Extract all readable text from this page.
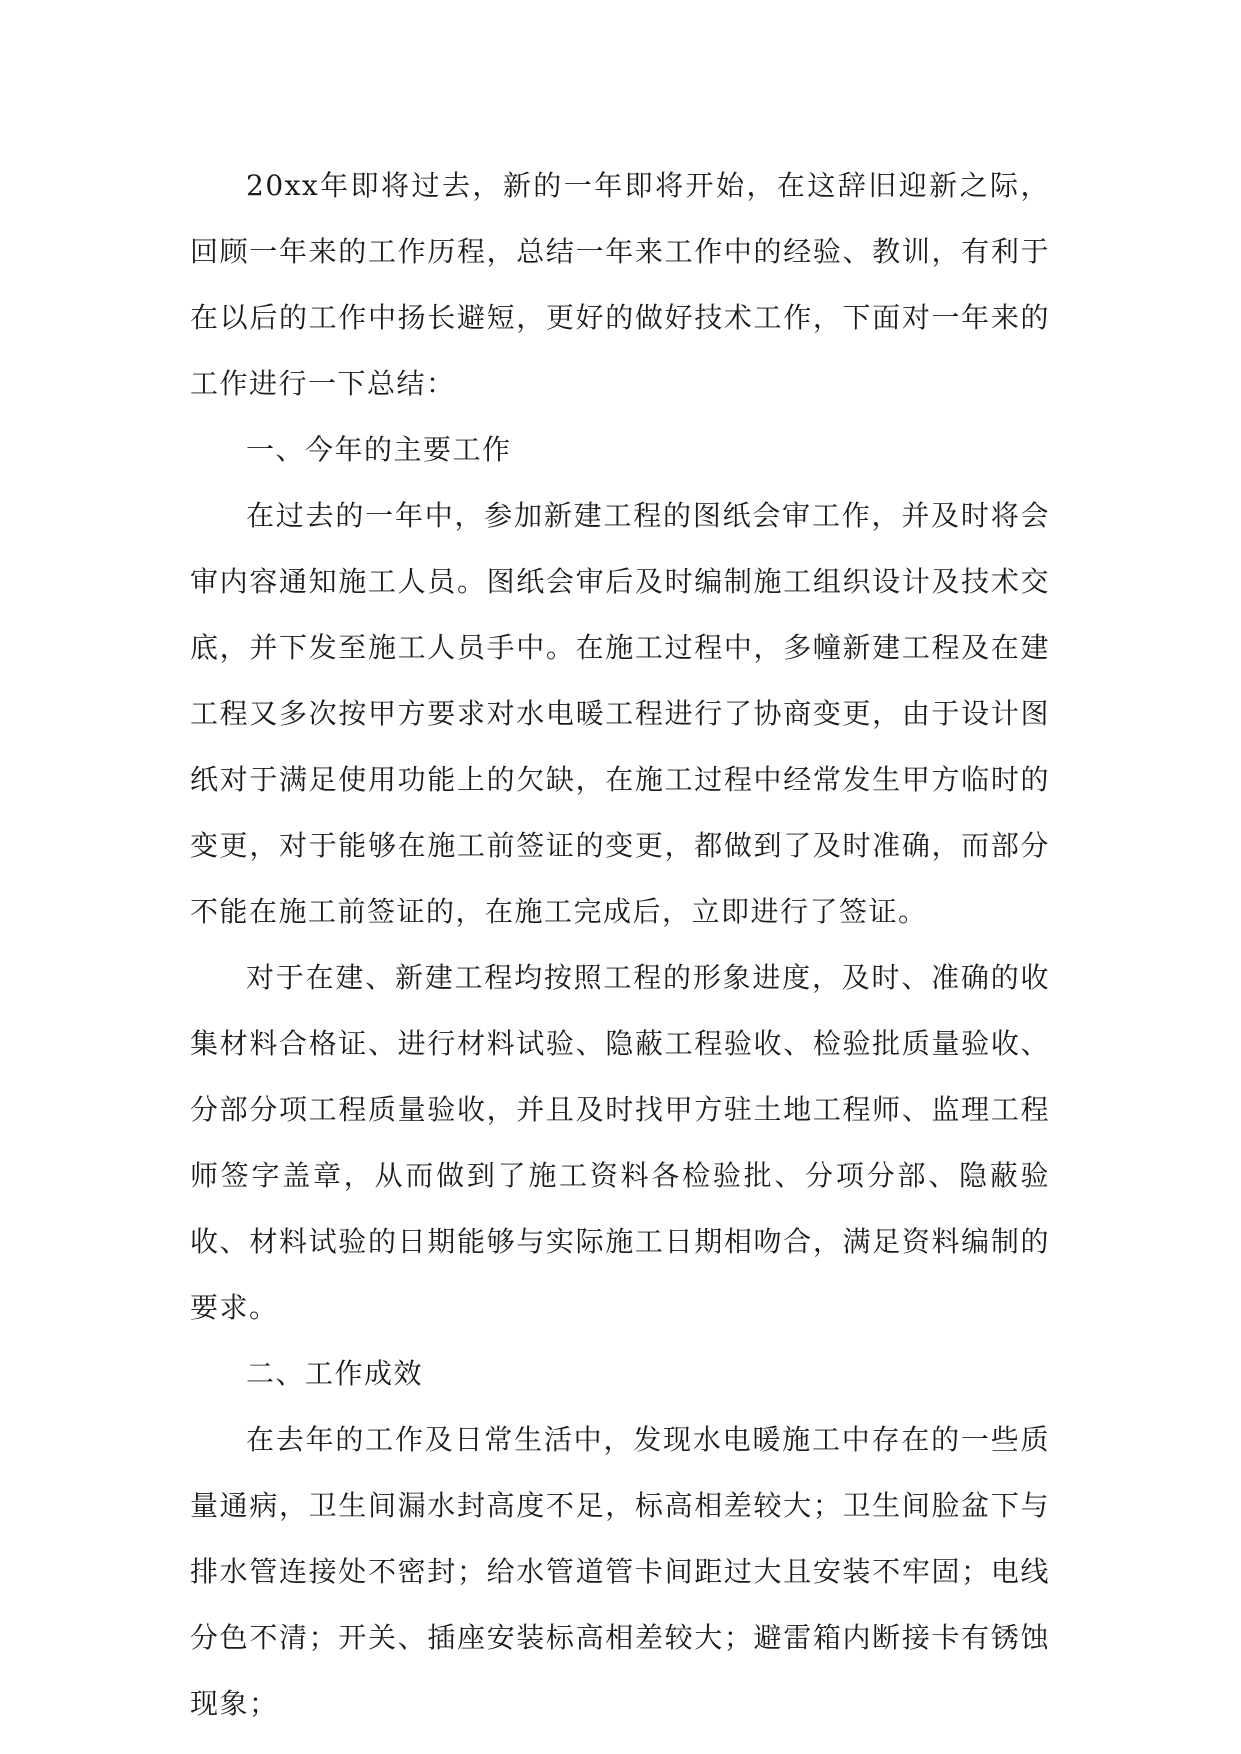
20xx年即将过去，新的一年即将开始，在这辞旧迎新之际，回顾一年来的工作历程，总结一年来工作中的经验、教训，有利于在以后的工作中扬长避短，更好的做好技术工作，下面对一年来的工作进行一下总结：

一、今年的主要工作

在过去的一年中，参加新建工程的图纸会审工作，并及时将会审内容通知施工人员。图纸会审后及时编制施工组织设计及技术交底，并下发至施工人员手中。在施工过程中，多幢新建工程及在建工程又多次按甲方要求对水电暖工程进行了协商变更，由于设计图纸对于满足使用功能上的欠缺，在施工过程中经常发生甲方临时的变更，对于能够在施工前签证的变更，都做到了及时准确，而部分不能在施工前签证的，在施工完成后，立即进行了签证。

对于在建、新建工程均按照工程的形象进度，及时、准确的收集材料合格证、进行材料试验、隐蔽工程验收、检验批质量验收、分部分项工程质量验收，并且及时找甲方驻土地工程师、监理工程师签字盖章，从而做到了施工资料各检验批、分项分部、隐蔽验收、材料试验的日期能够与实际施工日期相吻合，满足资料编制的要求。

二、工作成效

在去年的工作及日常生活中，发现水电暖施工中存在的一些质量通病，卫生间漏水封高度不足，标高相差较大；卫生间脸盆下与排水管连接处不密封；给水管道管卡间距过大且安装不牢固；电线分色不清；开关、插座安装标高相差较大；避雷箱内断接卡有锈蚀现象；
